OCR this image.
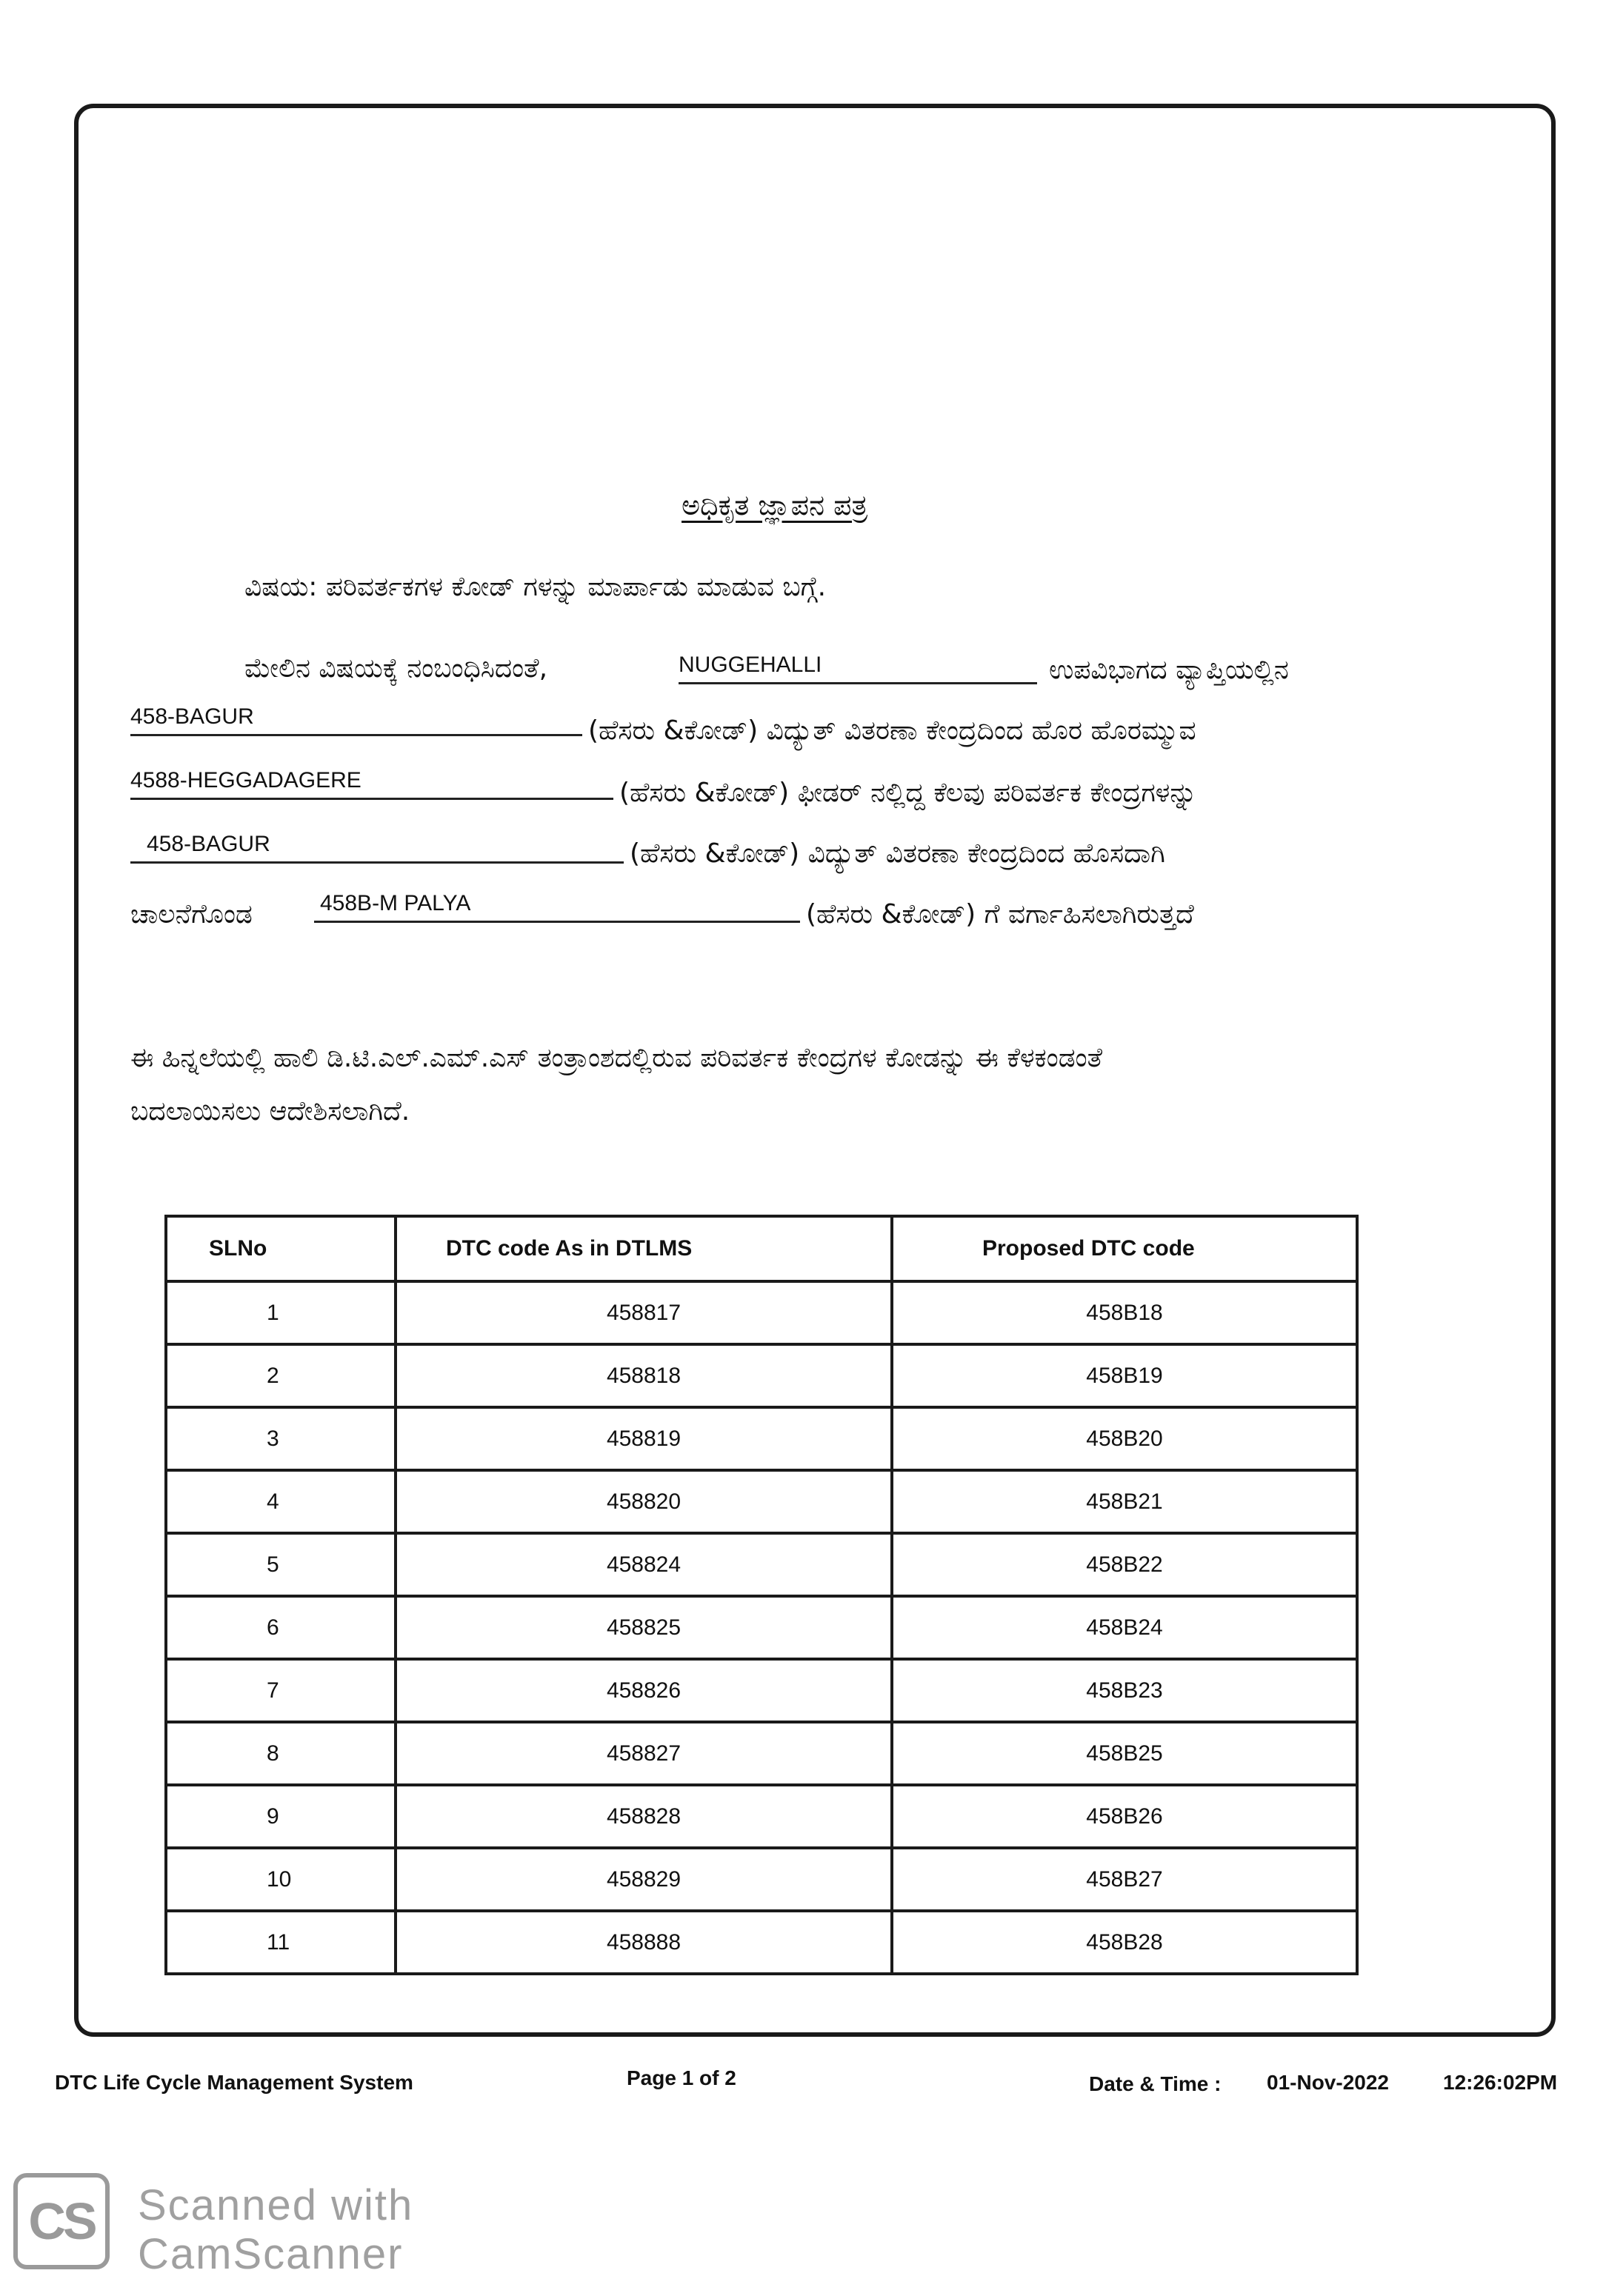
ಅಧಿಕೃತ ಜ್ಞಾಪನ ಪತ್ರ
ವಿಷಯ: ಪರಿವರ್ತಕಗಳ ಕೋಡ್ ಗಳನ್ನು ಮಾರ್ಪಾಡು ಮಾಡುವ ಬಗ್ಗೆ.
ಮೇಲಿನ ವಿಷಯಕ್ಕೆ ನಂಬಂಧಿಸಿದಂತೆ,	NUGGEHALLI	ಉಪವಿಭಾಗದ ವ್ಯಾಪ್ತಿಯಲ್ಲಿನ
458-BAGUR	(ಹೆಸರು &ಕೋಡ್) ವಿದ್ಯುತ್ ವಿತರಣಾ ಕೇಂದ್ರದಿಂದ ಹೊರ ಹೊರಮ್ಮುವ
4588-HEGGADAGERE	(ಹೆಸರು &ಕೋಡ್) ಫೀಡರ್ ನಲ್ಲಿದ್ದ ಕೆಲವು ಪರಿವರ್ತಕ ಕೇಂದ್ರಗಳನ್ನು
458-BAGUR	(ಹೆಸರು &ಕೋಡ್) ವಿದ್ಯುತ್ ವಿತರಣಾ ಕೇಂದ್ರದಿಂದ ಹೊಸದಾಗಿ
ಚಾಲನೆಗೊಂಡ	458B-M PALYA	(ಹೆಸರು &ಕೋಡ್) ಗೆ ವರ್ಗಾಹಿಸಲಾಗಿರುತ್ತದೆ
ಈ ಹಿನ್ನಲೆಯಲ್ಲಿ ಹಾಲಿ ಡಿ.ಟಿ.ಎಲ್.ಎಮ್.ಎಸ್ ತಂತ್ರಾಂಶದಲ್ಲಿರುವ ಪರಿವರ್ತಕ ಕೇಂದ್ರಗಳ ಕೋಡನ್ನು ಈ ಕೆಳಕಂಡಂತೆ
ಬದಲಾಯಿಸಲು ಆದೇಶಿಸಲಾಗಿದೆ.
SLNo	DTC code As in DTLMS	Proposed DTC code
1	458817	458B18
2	458818	458B19
3	458819	458B20
4	458820	458B21
5	458824	458B22
6	458825	458B24
7	458826	458B23
8	458827	458B25
9	458828	458B26
10	458829	458B27
11	458888	458B28
DTC Life Cycle Management System	Page 1 of 2	Date & Time : 01-Nov-2022	12:26:02PM
CS	Scanned with
CamScanner
